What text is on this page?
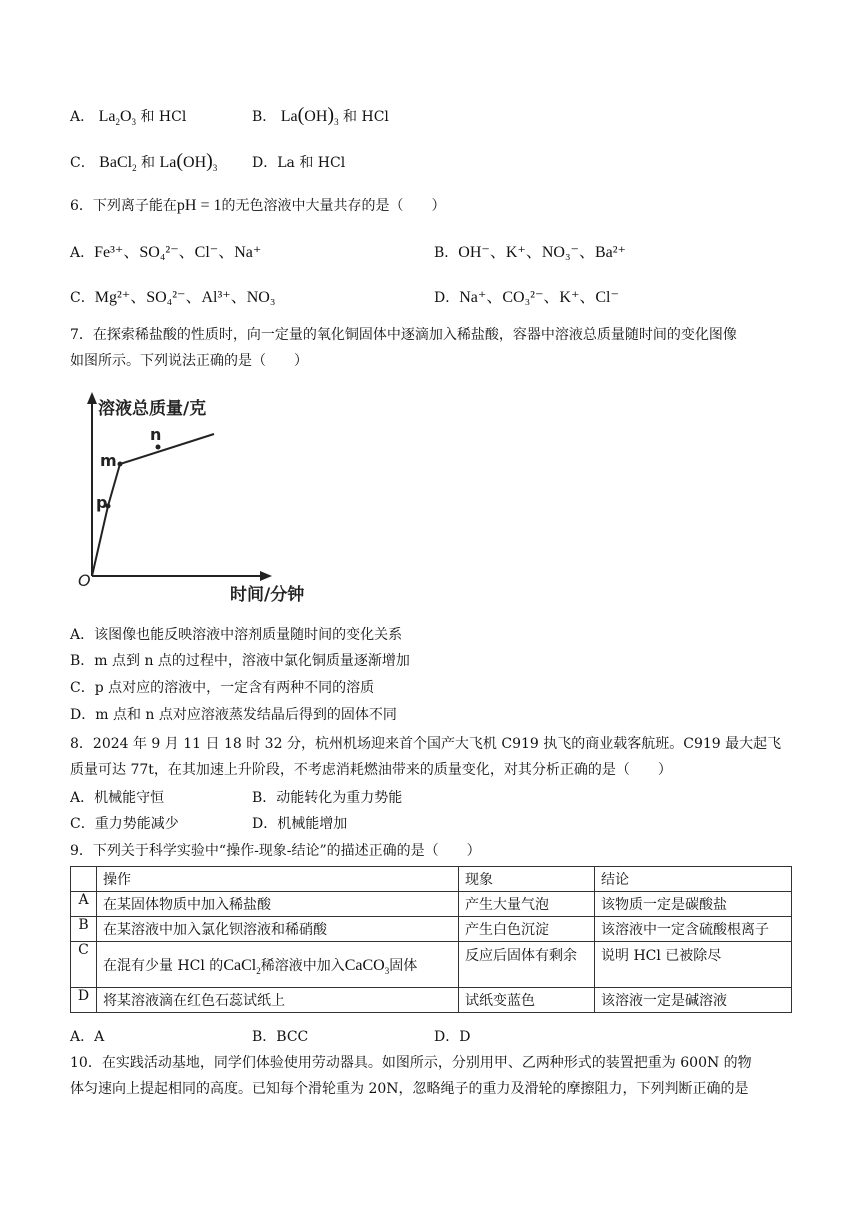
A． $La_2O_3$ 和 HCl	B． $La(OH)_3$ 和 HCl
C． BaCl$_2$ 和 $La(OH)_3$ D．La 和 HCl
6．下列离子能在pH = 1的无色溶液中大量共存的是（　　）
A．Fe³⁺、SO₄²⁻、Cl⁻、Na⁺	B．OH⁻、K⁺、NO₃⁻、Ba²⁺
C．Mg²⁺、SO₄²⁻、Al³⁺、NO₃	D．Na⁺、CO₃²⁻、K⁺、Cl⁻
7．在探索稀盐酸的性质时，向一定量的氧化铜固体中逐滴加入稀盐酸，容器中溶液总质量随时间的变化图像
如图所示。下列说法正确的是（　　）
溶液总质量/克
时间/分钟
O
p
m
n
A．该图像也能反映溶液中溶剂质量随时间的变化关系
B．m 点到 n 点的过程中，溶液中氯化铜质量逐渐增加
C．p 点对应的溶液中，一定含有两种不同的溶质
D．m 点和 n 点对应溶液蒸发结晶后得到的固体不同
8．2024 年 9 月 11 日 18 时 32 分，杭州机场迎来首个国产大飞机 C919 执飞的商业载客航班。C919 最大起飞
质量可达 77t，在其加速上升阶段，不考虑消耗燃油带来的质量变化，对其分析正确的是（　　）
A．机械能守恒	B．动能转化为重力势能
C．重力势能减少	D．机械能增加
9．下列关于科学实验中“操作-现象-结论”的描述正确的是（　　）
	操作	现象	结论
A	在某固体物质中加入稀盐酸	产生大量气泡	该物质一定是碳酸盐
B	在某溶液中加入氯化钡溶液和稀硝酸	产生白色沉淀	该溶液中一定含硫酸根离子
C	在混有少量 HCl 的CaCl$_2$稀溶液中加入CaCO$_3$固体	反应后固体有剩余	说明 HCl 已被除尽
D	将某溶液滴在红色石蕊试纸上	试纸变蓝色	该溶液一定是碱溶液
A．A	B．BCC	D．D
10．在实践活动基地，同学们体验使用劳动器具。如图所示，分别用甲、乙两种形式的装置把重为 600N 的物
体匀速向上提起相同的高度。已知每个滑轮重为 20N，忽略绳子的重力及滑轮的摩擦阻力，下列判断正确的是
